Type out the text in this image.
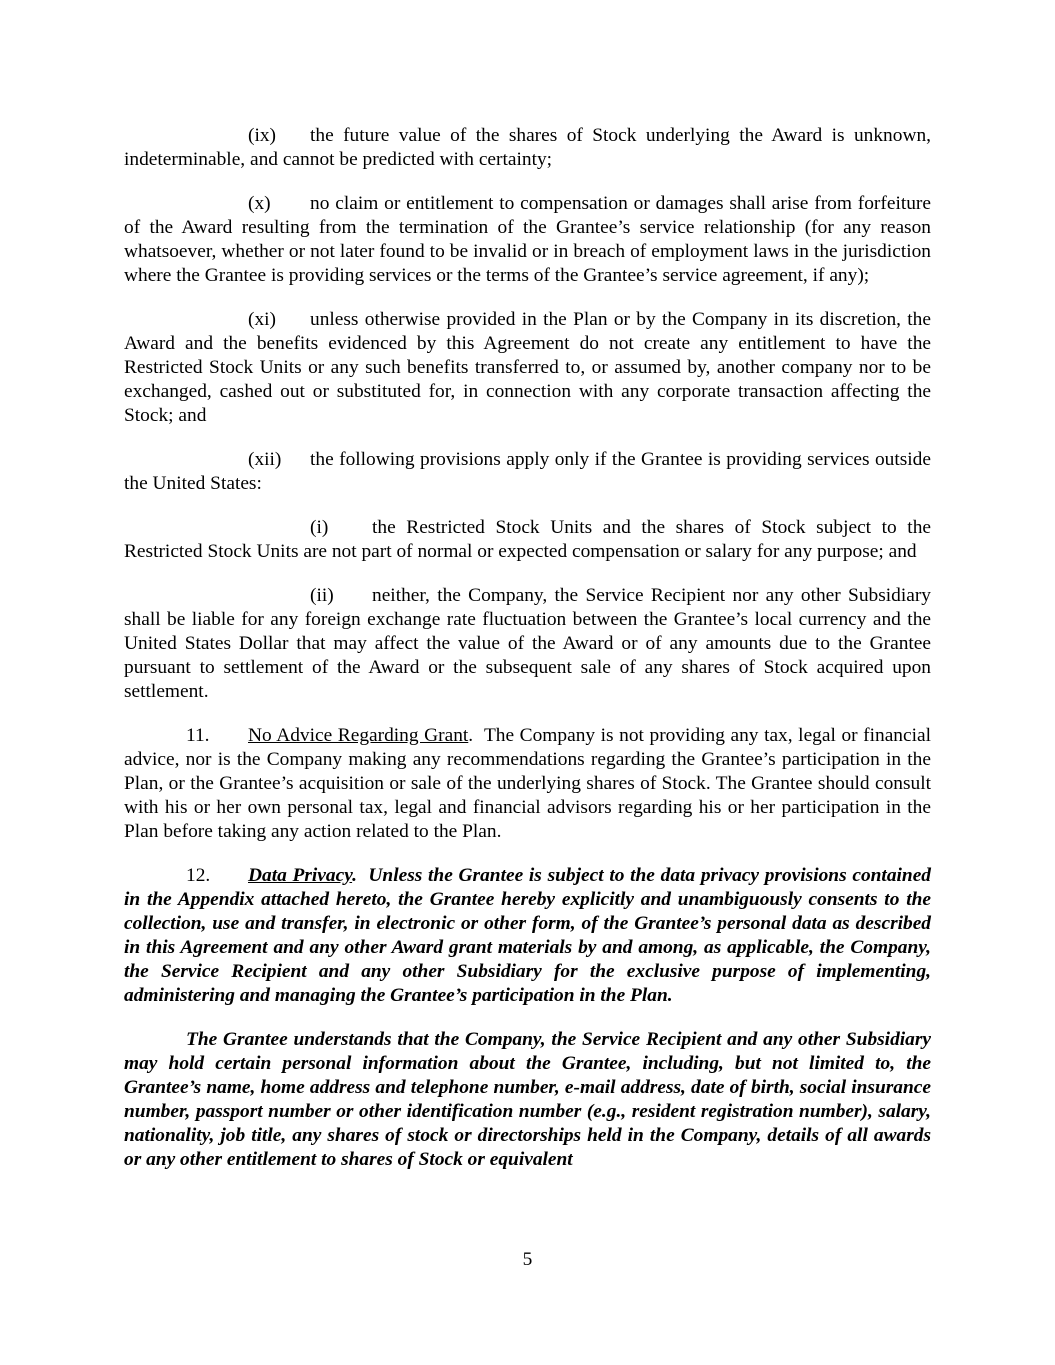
(ix) the future value of the shares of Stock underlying the Award is unknown, indeterminable, and cannot be predicted with certainty;

(x) no claim or entitlement to compensation or damages shall arise from forfeiture of the Award resulting from the termination of the Grantee’s service relationship (for any reason whatsoever, whether or not later found to be invalid or in breach of employment laws in the jurisdiction where the Grantee is providing services or the terms of the Grantee’s service agreement, if any);

(xi) unless otherwise provided in the Plan or by the Company in its discretion, the Award and the benefits evidenced by this Agreement do not create any entitlement to have the Restricted Stock Units or any such benefits transferred to, or assumed by, another company nor to be exchanged, cashed out or substituted for, in connection with any corporate transaction affecting the Stock; and

(xii) the following provisions apply only if the Grantee is providing services outside the United States:

(i) the Restricted Stock Units and the shares of Stock subject to the Restricted Stock Units are not part of normal or expected compensation or salary for any purpose; and

(ii) neither, the Company, the Service Recipient nor any other Subsidiary shall be liable for any foreign exchange rate fluctuation between the Grantee’s local currency and the United States Dollar that may affect the value of the Award or of any amounts due to the Grantee pursuant to settlement of the Award or the subsequent sale of any shares of Stock acquired upon settlement.

11. No Advice Regarding Grant. The Company is not providing any tax, legal or financial advice, nor is the Company making any recommendations regarding the Grantee’s participation in the Plan, or the Grantee’s acquisition or sale of the underlying shares of Stock. The Grantee should consult with his or her own personal tax, legal and financial advisors regarding his or her participation in the Plan before taking any action related to the Plan.

12. Data Privacy. Unless the Grantee is subject to the data privacy provisions contained in the Appendix attached hereto, the Grantee hereby explicitly and unambiguously consents to the collection, use and transfer, in electronic or other form, of the Grantee’s personal data as described in this Agreement and any other Award grant materials by and among, as applicable, the Company, the Service Recipient and any other Subsidiary for the exclusive purpose of implementing, administering and managing the Grantee’s participation in the Plan.

The Grantee understands that the Company, the Service Recipient and any other Subsidiary may hold certain personal information about the Grantee, including, but not limited to, the Grantee’s name, home address and telephone number, e-mail address, date of birth, social insurance number, passport number or other identification number (e.g., resident registration number), salary, nationality, job title, any shares of stock or directorships held in the Company, details of all awards or any other entitlement to shares of Stock or equivalent

5
